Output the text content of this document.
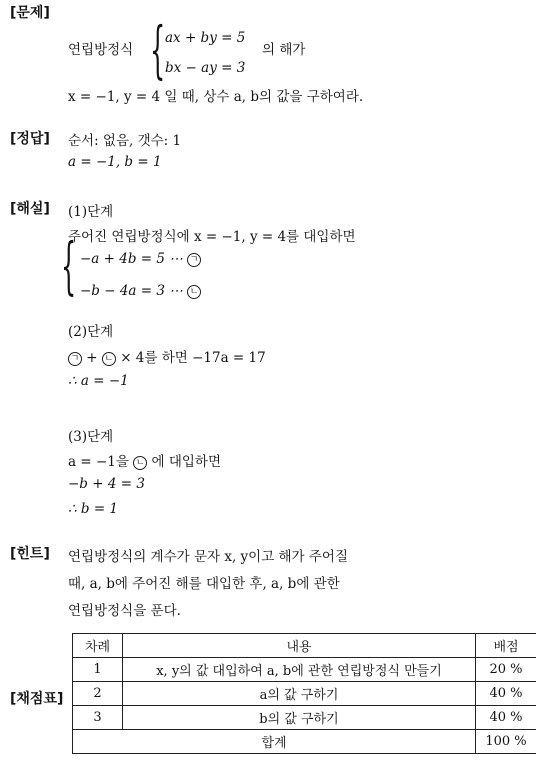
[문제]
[정답]
[해설]
[힌트]
[채점표]
연립방정식 { ax + by = 5
bx − ay = 3
의 해가
x = −1, y = 4 일 때, 상수 a, b의 값을 구하여라.
순서: 없음, 갯수: 1
a = −1, b = 1
(1)단계
주어진 연립방정식에 x = −1, y = 4를 대입하면
{ −a + 4b = 5 ⋯ ㄱ
−b − 4a = 3 ⋯ ㄴ
(2)단계
ㄱ + ㄴ × 4를 하면 −17a = 17
∴ a = −1
(3)단계
a = −1을 ㄴ 에 대입하면
−b + 4 = 3
∴ b = 1
연립방정식의 계수가 문자 x, y이고 해가 주어질
때, a, b에 주어진 해를 대입한 후, a, b에 관한
연립방정식을 푼다.
차례	내용	배점
1	x, y의 값 대입하여 a, b에 관한 연립방정식 만들기	20 %
2	a의 값 구하기	40 %
3	b의 값 구하기	40 %
합계		100 %
